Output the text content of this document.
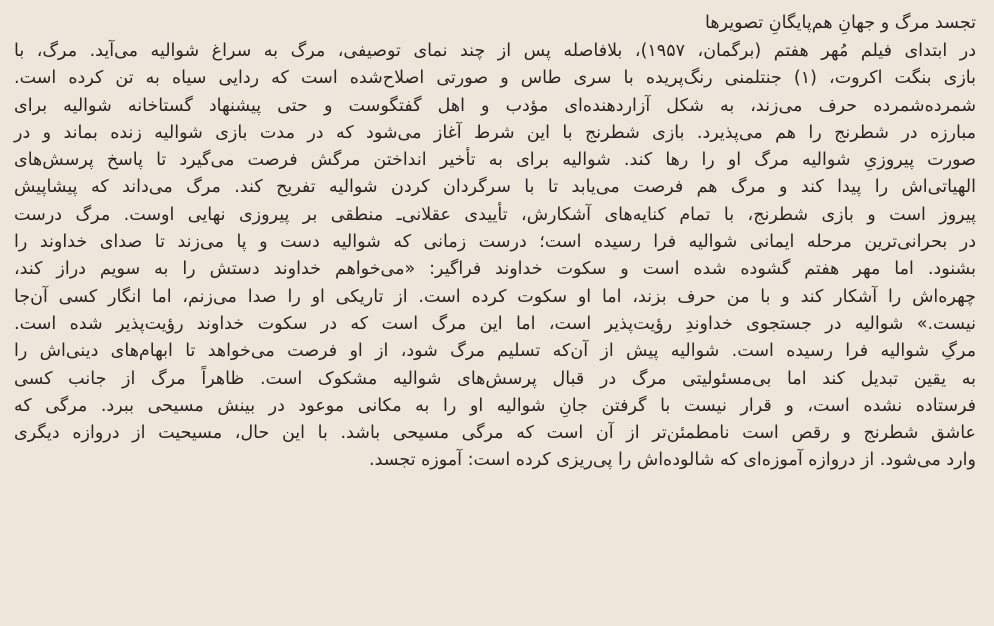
تجسد مرگ و جهانِ هم‌پایگانِ تصویرها
در ابتدای فیلم مُهر هفتم (برگمان، ۱۹۵۷)، بلافاصله پس از چند نمای توصیفی، مرگ به سراغ شوالیه می‌آید. مرگ، با
بازی بنگت اکروت، (۱) جنتلمنی رنگ‌پریده با سری طاس و صورتی اصلاح‌شده است که ردایی سیاه به تن کرده است.
شمرده‌شمرده حرف می‌زند، به شکل آزاردهنده‌ای مؤدب و اهل گفتگوست و حتی پیشنهاد گستاخانه شوالیه برای
مبارزه در شطرنج را هم می‌پذیرد. بازی شطرنج با این شرط آغاز می‌شود که در مدت بازی شوالیه زنده بماند و در
صورت پیروزیِ شوالیه مرگ او را رها کند. شوالیه برای به تأخیر انداختن مرگش فرصت می‌گیرد تا پاسخ پرسش‌های
الهیاتی‌اش را پیدا کند و مرگ هم فرصت می‌یابد تا با سرگردان کردن شوالیه تفریح کند. مرگ می‌داند که پیشاپیش
پیروز است و بازی شطرنج، با تمام کنایه‌های آشکارش، تأییدی عقلانی‌ـ منطقی بر پیروزی نهایی اوست. مرگ درست
در بحرانی‌ترین مرحله ایمانی شوالیه فرا رسیده است؛ درست زمانی که شوالیه دست و پا می‌زند تا صدای خداوند را
بشنود. اما مهر هفتم گشوده شده است و سکوت خداوند فراگیر: «می‌خواهم خداوند دستش را به سویم دراز کند،
چهره‌اش را آشکار کند و با من حرف بزند، اما او سکوت کرده است. از تاریکی او را صدا می‌زنم، اما انگار کسی آن‌جا
نیست.» شوالیه در جستجوی خداوندِ رؤیت‌پذیر است، اما این مرگ است که در سکوت خداوند رؤیت‌پذیر شده است.
مرگِ شوالیه فرا رسیده است. شوالیه پیش از آن‌که تسلیم مرگ شود، از او فرصت می‌خواهد تا ابهام‌های دینی‌اش را
به یقین تبدیل کند اما بی‌مسئولیتی مرگ در قبال پرسش‌های شوالیه مشکوک است. ظاهراً مرگ از جانب کسی
فرستاده نشده است، و قرار نیست با گرفتن جانِ شوالیه او را به مکانی موعود در بینش مسیحی ببرد. مرگی که
عاشق شطرنج و رقص است نامطمئن‌تر از آن است که مرگی مسیحی باشد. با این حال، مسیحیت از دروازه دیگری
وارد می‌شود. از دروازه آموزه‌ای که شالوده‌اش را پی‌ریزی کرده است: آموزه تجسد.
